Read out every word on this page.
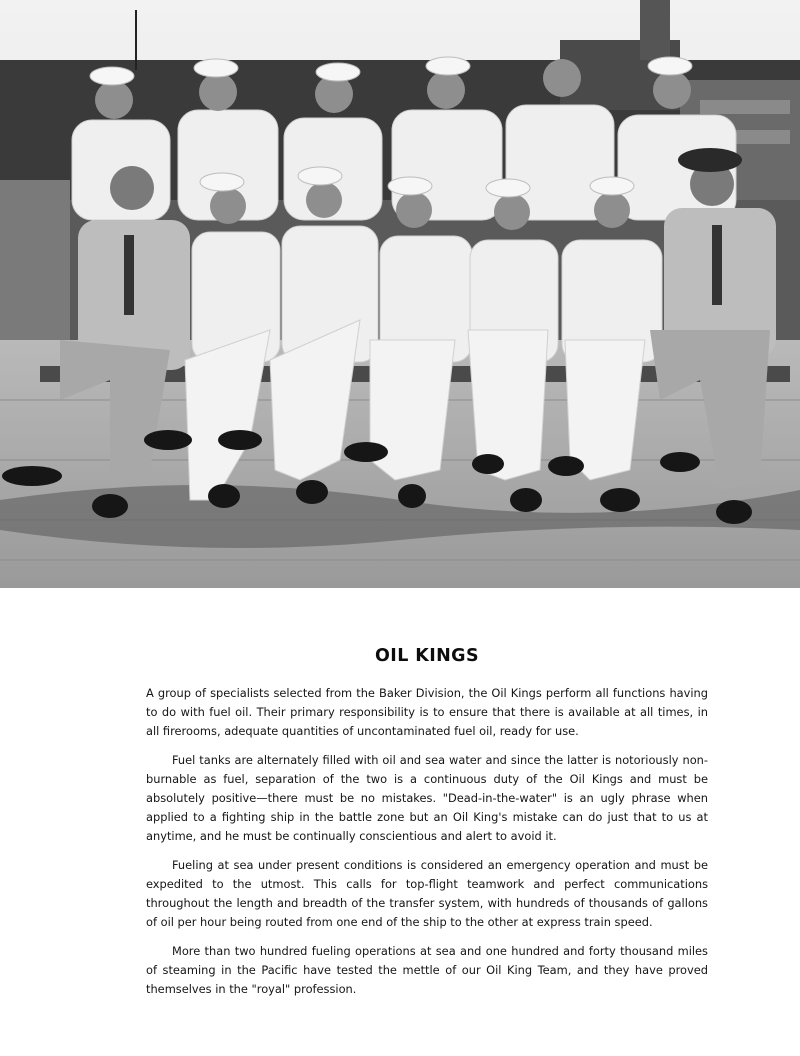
OIL KINGS

A group of specialists selected from the Baker Division, the Oil Kings perform all functions having to do with fuel oil. Their primary responsibility is to ensure that there is available at all times, in all firerooms, adequate quantities of uncontaminated fuel oil, ready for use.

Fuel tanks are alternately filled with oil and sea water and since the latter is notoriously non-burnable as fuel, separation of the two is a continuous duty of the Oil Kings and must be absolutely positive—there must be no mistakes. "Dead-in-the-water" is an ugly phrase when applied to a fighting ship in the battle zone but an Oil King's mistake can do just that to us at anytime, and he must be continually conscientious and alert to avoid it.

Fueling at sea under present conditions is considered an emergency operation and must be expedited to the utmost. This calls for top-flight teamwork and perfect communications throughout the length and breadth of the transfer system, with hundreds of thousands of gallons of oil per hour being routed from one end of the ship to the other at express train speed.

More than two hundred fueling operations at sea and one hundred and forty thousand miles of steaming in the Pacific have tested the mettle of our Oil King Team, and they have proved themselves in the "royal" profession.
